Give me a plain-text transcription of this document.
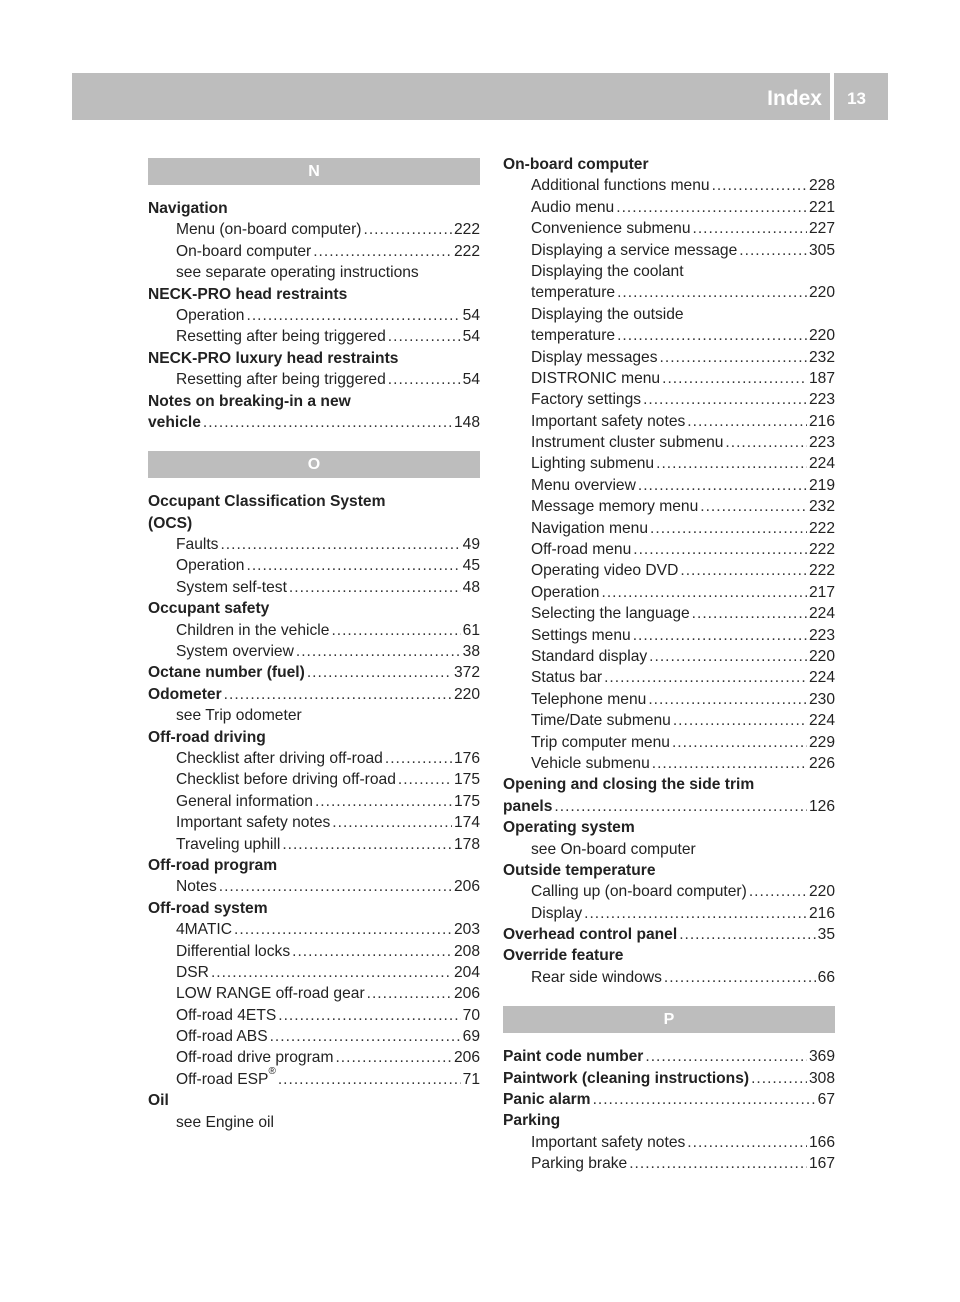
Index 13
N
Navigation
Menu (on-board computer) .....	222
On-board computer .....	222
see separate operating instructions
NECK-PRO head restraints
Operation .....	54
Resetting after being triggered .....	54
NECK-PRO luxury head restraints
Resetting after being triggered .....	54
Notes on breaking-in a new
vehicle .....	148
O
Occupant Classification System
(OCS)
Faults .....	49
Operation .....	45
System self-test .....	48
Occupant safety
Children in the vehicle .....	61
System overview .....	38
Octane number (fuel) .....	372
Odometer .....	220
see Trip odometer
Off-road driving
Checklist after driving off-road .....	176
Checklist before driving off-road .....	175
General information .....	175
Important safety notes .....	174
Traveling uphill .....	178
Off-road program
Notes .....	206
Off-road system
4MATIC .....	203
Differential locks .....	208
DSR .....	204
LOW RANGE off-road gear .....	206
Off-road 4ETS .....	70
Off-road ABS .....	69
Off-road drive program .....	206
Off-road ESP® .....	71
Oil
see Engine oil
On-board computer
Additional functions menu .....	228
Audio menu .....	221
Convenience submenu .....	227
Displaying a service message .....	305
Displaying the coolant
temperature .....	220
Displaying the outside
temperature .....	220
Display messages .....	232
DISTRONIC menu .....	187
Factory settings .....	223
Important safety notes .....	216
Instrument cluster submenu .....	223
Lighting submenu .....	224
Menu overview .....	219
Message memory menu .....	232
Navigation menu .....	222
Off-road menu .....	222
Operating video DVD .....	222
Operation .....	217
Selecting the language .....	224
Settings menu .....	223
Standard display .....	220
Status bar .....	224
Telephone menu .....	230
Time/Date submenu .....	224
Trip computer menu .....	229
Vehicle submenu .....	226
Opening and closing the side trim
panels .....	126
Operating system
see On-board computer
Outside temperature
Calling up (on-board computer) .....	220
Display .....	216
Overhead control panel .....	35
Override feature
Rear side windows .....	66
P
Paint code number .....	369
Paintwork (cleaning instructions) .....	308
Panic alarm .....	67
Parking
Important safety notes .....	166
Parking brake .....	167
